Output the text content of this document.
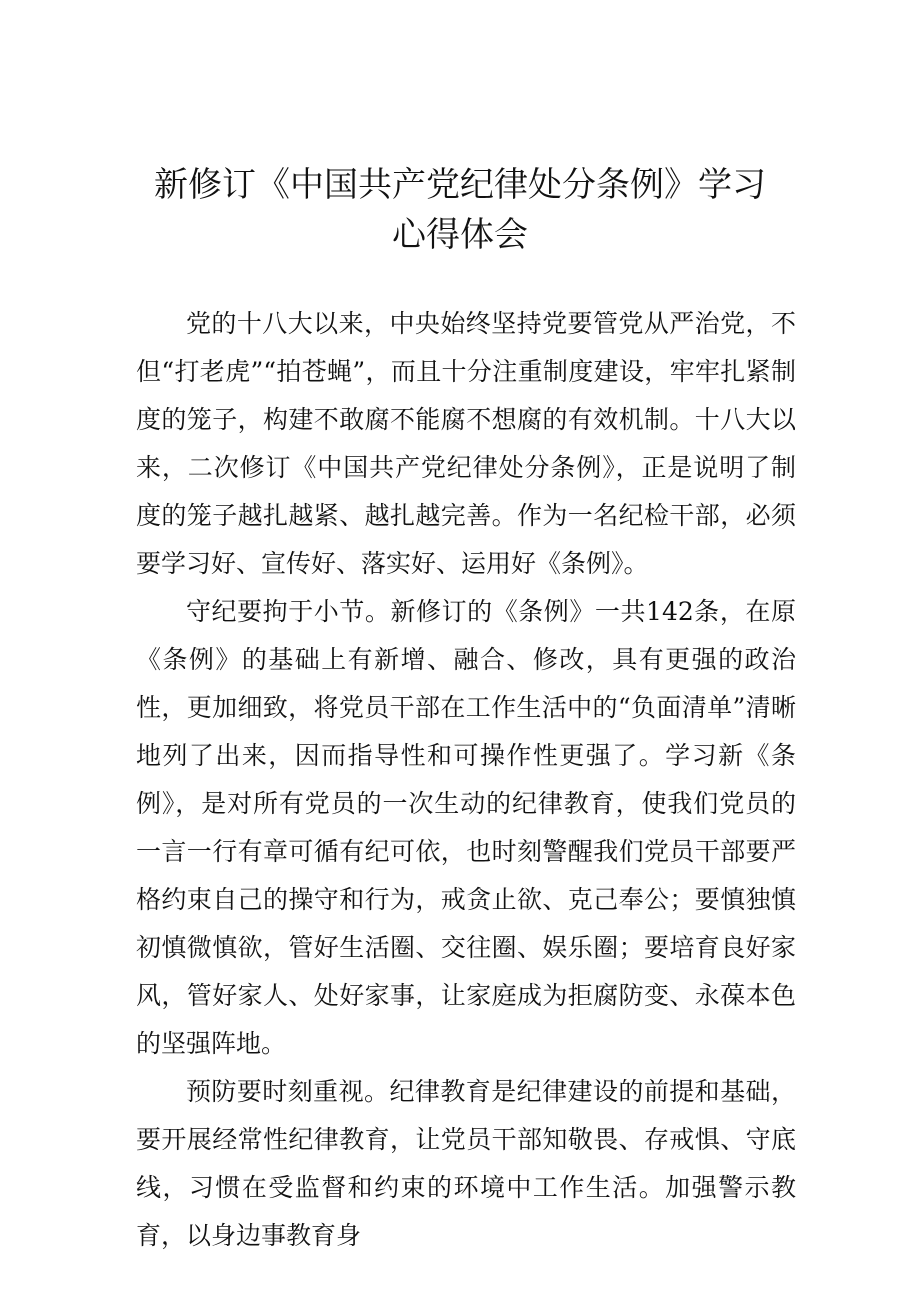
新修订《中国共产党纪律处分条例》学习
心得体会

党的十八大以来，中央始终坚持党要管党从严治党，不但“打老虎”“拍苍蝇”，而且十分注重制度建设，牢牢扎紧制度的笼子，构建不敢腐不能腐不想腐的有效机制。十八大以来，二次修订《中国共产党纪律处分条例》，正是说明了制度的笼子越扎越紧、越扎越完善。作为一名纪检干部，必须要学习好、宣传好、落实好、运用好《条例》。

守纪要拘于小节。新修订的《条例》一共142条，在原《条例》的基础上有新增、融合、修改，具有更强的政治性，更加细致，将党员干部在工作生活中的“负面清单”清晰地列了出来，因而指导性和可操作性更强了。学习新《条例》，是对所有党员的一次生动的纪律教育，使我们党员的一言一行有章可循有纪可依，也时刻警醒我们党员干部要严格约束自己的操守和行为，戒贪止欲、克己奉公；要慎独慎初慎微慎欲，管好生活圈、交往圈、娱乐圈；要培育良好家风，管好家人、处好家事，让家庭成为拒腐防变、永葆本色的坚强阵地。

预防要时刻重视。纪律教育是纪律建设的前提和基础，要开展经常性纪律教育，让党员干部知敬畏、存戒惧、守底线，习惯在受监督和约束的环境中工作生活。加强警示教育，以身边事教育身
